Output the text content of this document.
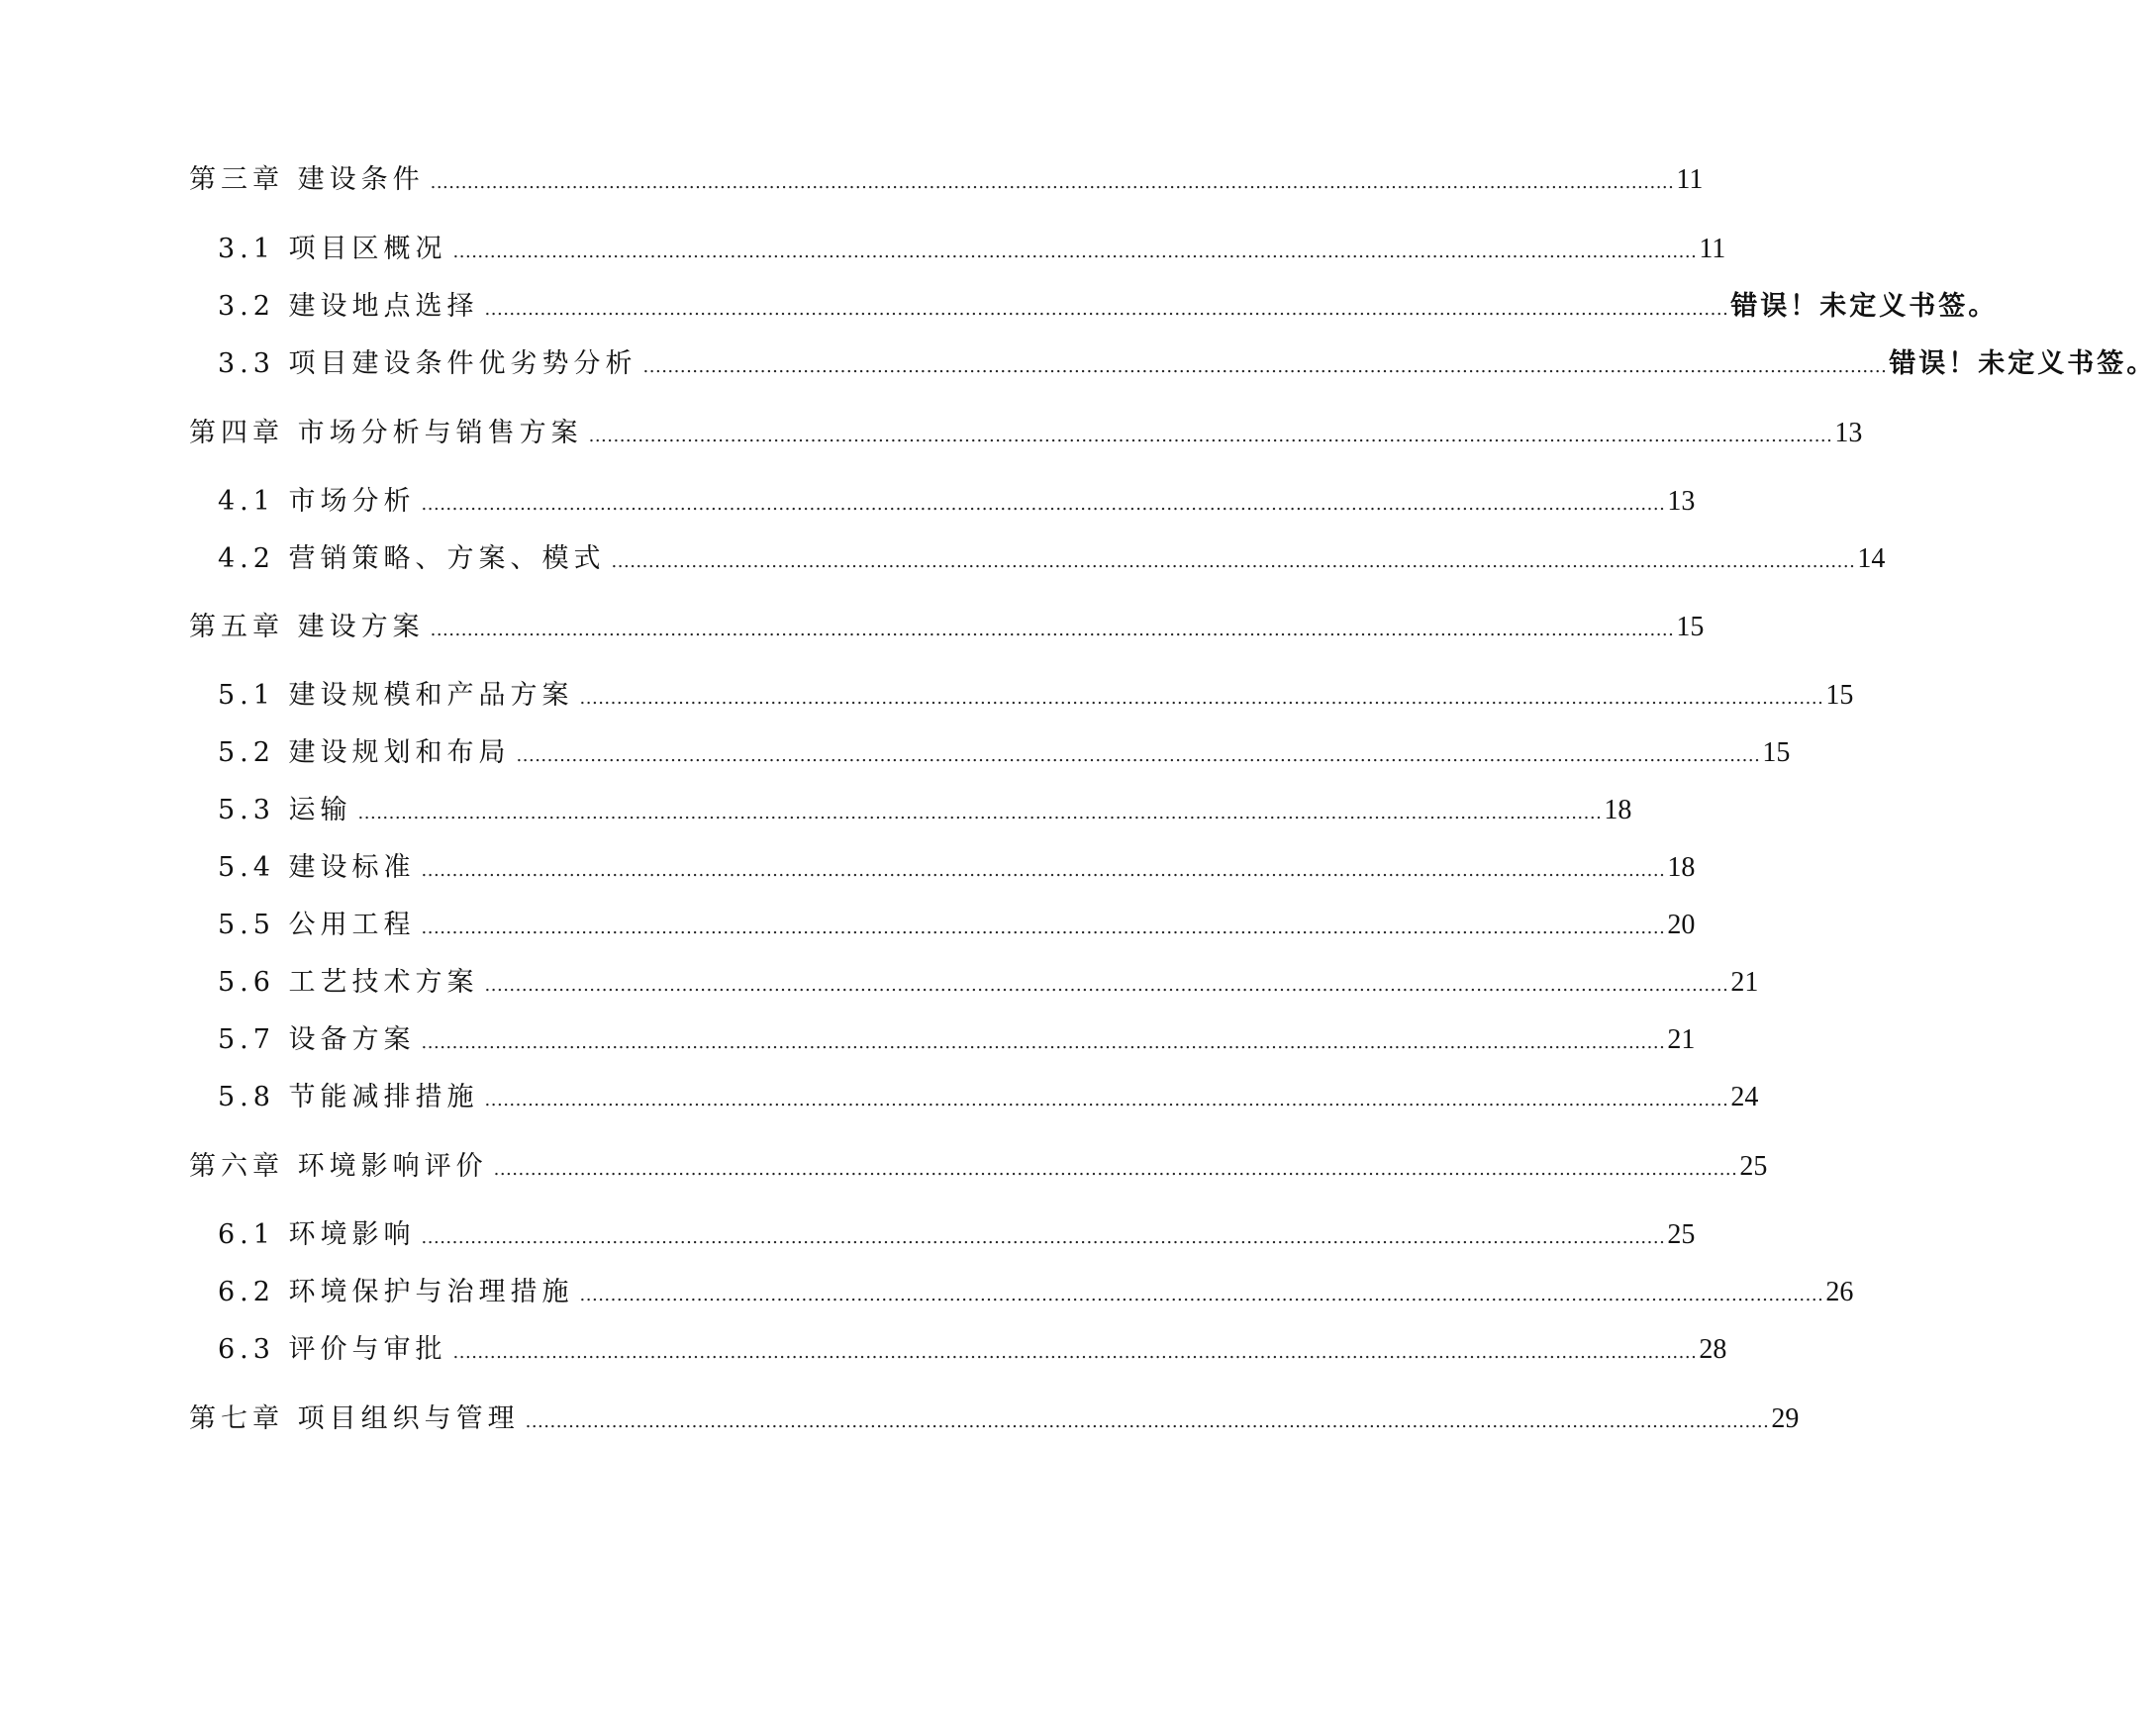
第三章 建设条件 .......................................................................................................................................................................................................... 11
3.1 项目区概况 .......................................................................................................................................................................................................... 11
3.2 建设地点选择 .......................................................................................................................................................................................................... 错误！未定义书签。
3.3 项目建设条件优劣势分析 .......................................................................................................................................................................................................... 错误！未定义书签。
第四章 市场分析与销售方案 .......................................................................................................................................................................................................... 13
4.1 市场分析 .......................................................................................................................................................................................................... 13
4.2 营销策略、方案、模式 .......................................................................................................................................................................................................... 14
第五章 建设方案 .......................................................................................................................................................................................................... 15
5.1 建设规模和产品方案 .......................................................................................................................................................................................................... 15
5.2 建设规划和布局 .......................................................................................................................................................................................................... 15
5.3 运输 .......................................................................................................................................................................................................... 18
5.4 建设标准 .......................................................................................................................................................................................................... 18
5.5 公用工程 .......................................................................................................................................................................................................... 20
5.6 工艺技术方案 .......................................................................................................................................................................................................... 21
5.7 设备方案 .......................................................................................................................................................................................................... 21
5.8 节能减排措施 .......................................................................................................................................................................................................... 24
第六章 环境影响评价 .......................................................................................................................................................................................................... 25
6.1 环境影响 .......................................................................................................................................................................................................... 25
6.2 环境保护与治理措施 .......................................................................................................................................................................................................... 26
6.3 评价与审批 .......................................................................................................................................................................................................... 28
第七章 项目组织与管理 .......................................................................................................................................................................................................... 29
